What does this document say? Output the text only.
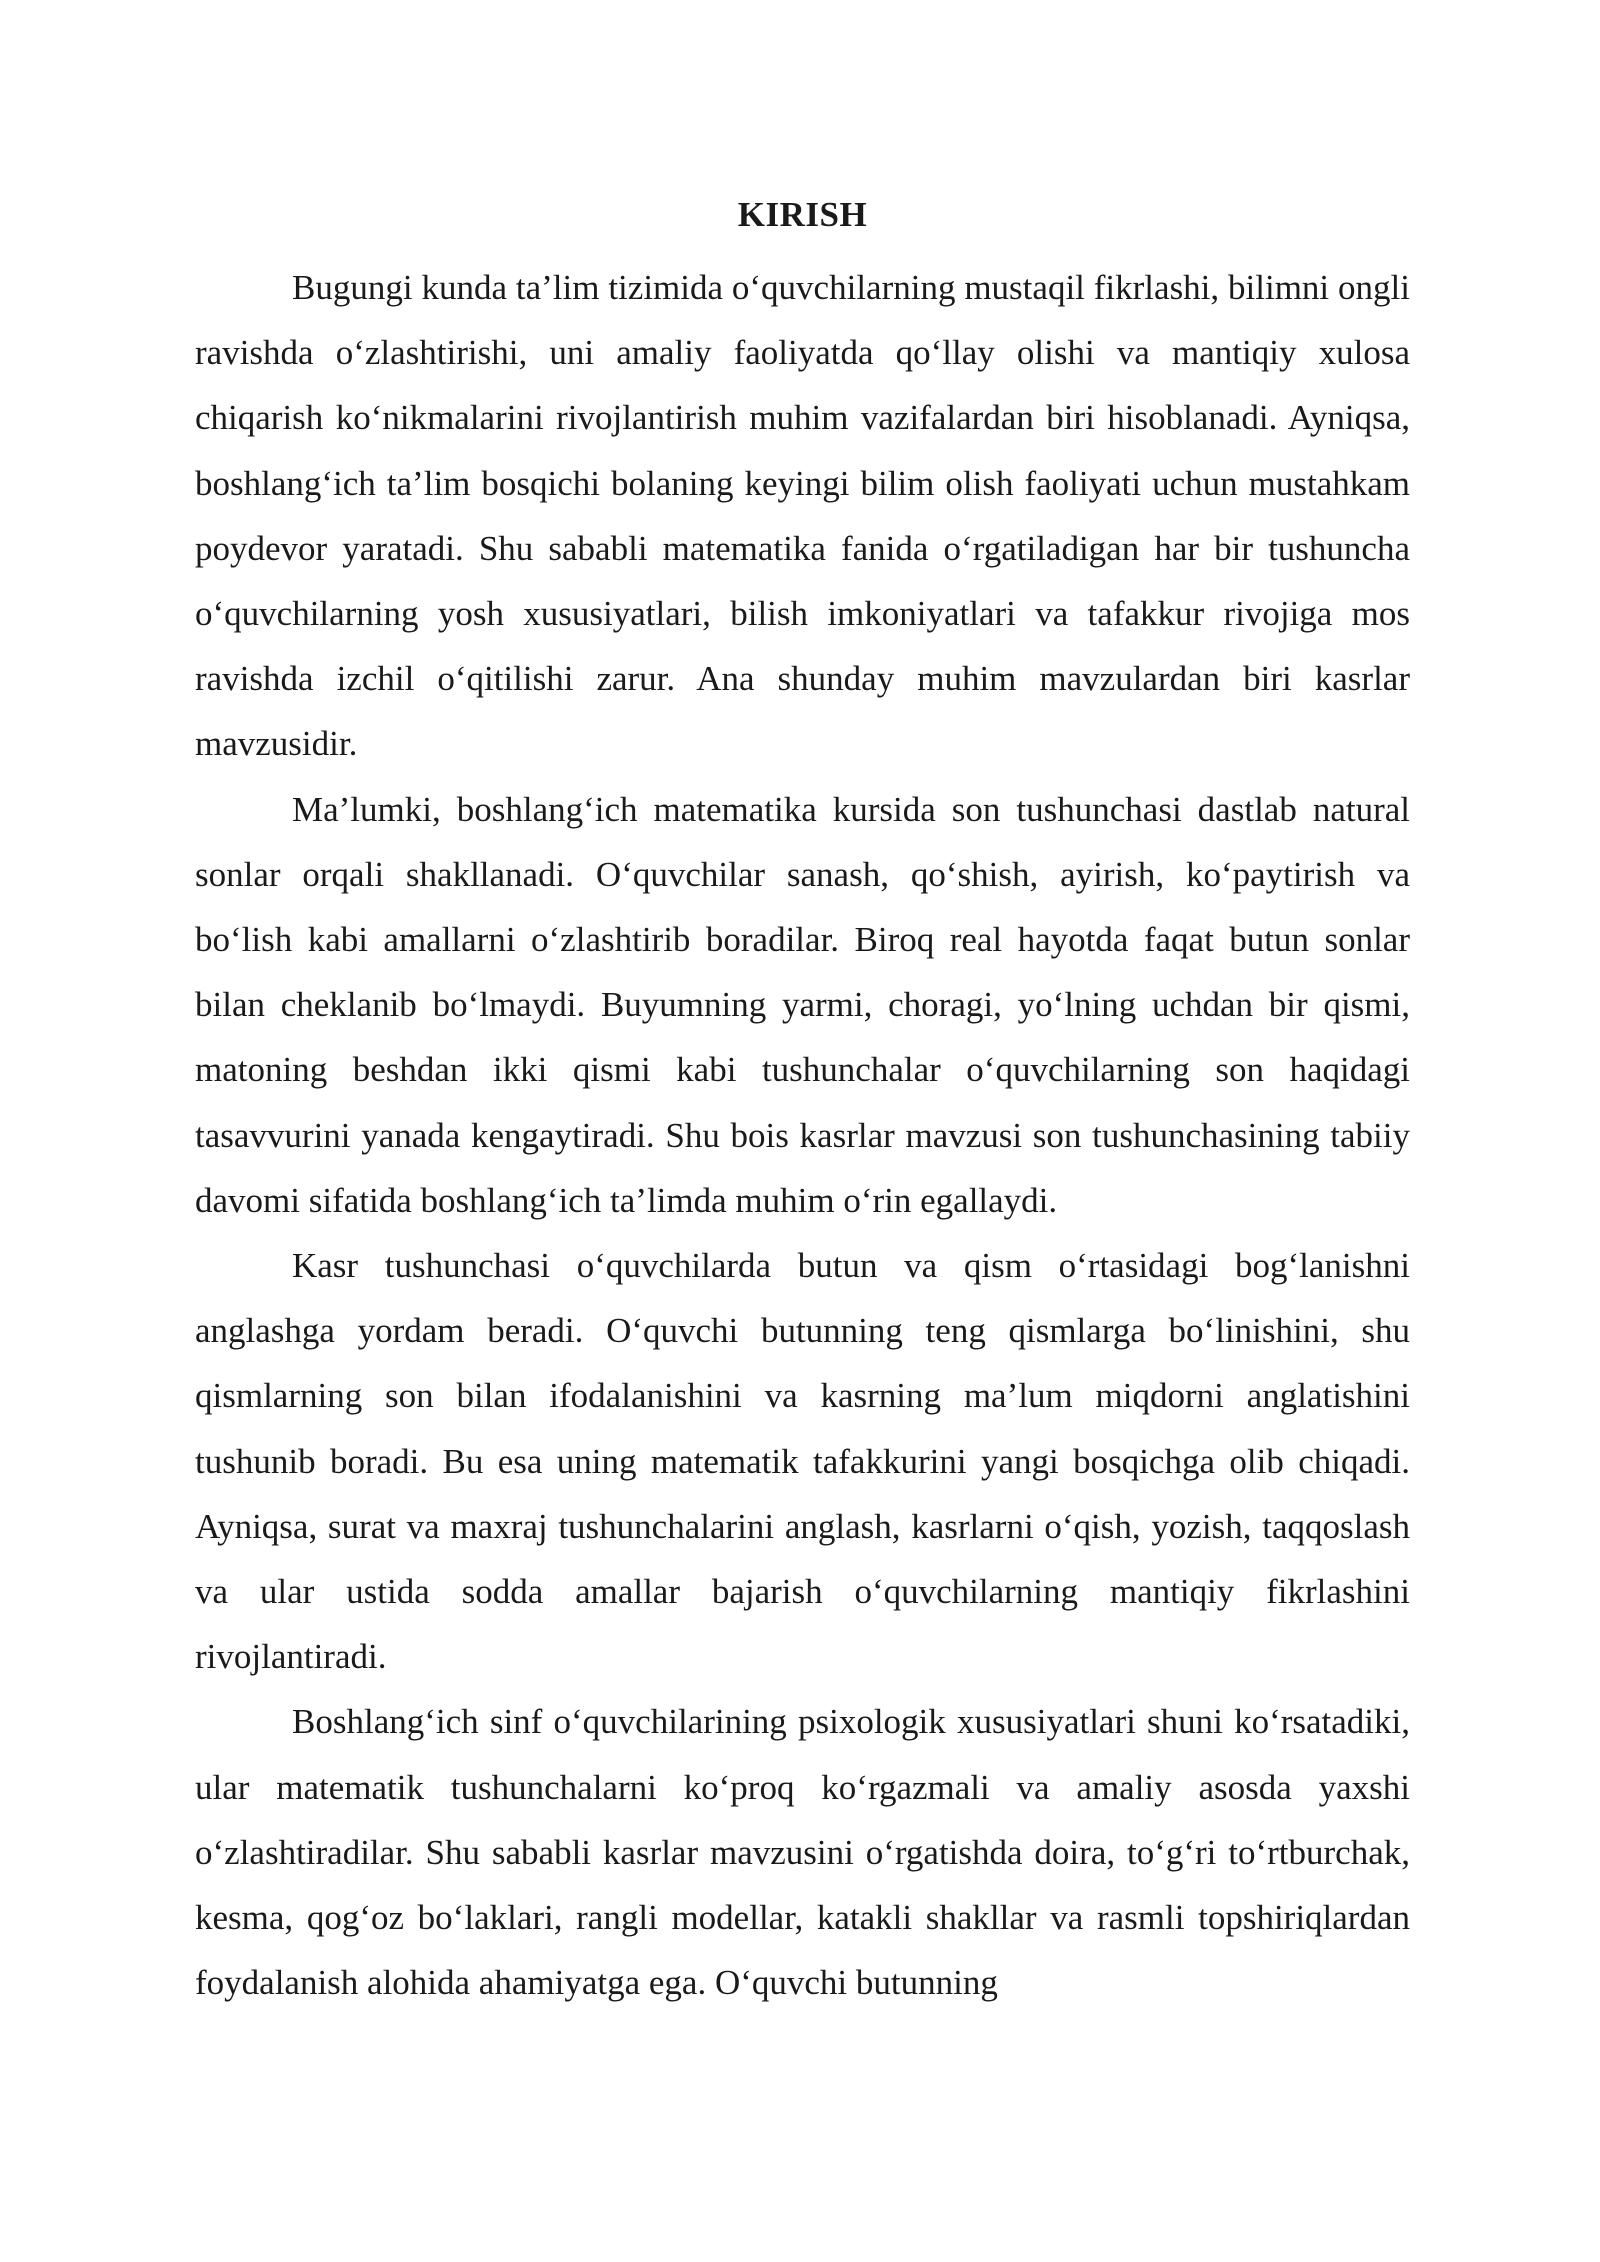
KIRISH

Bugungi kunda ta’lim tizimida o‘quvchilarning mustaqil fikrlashi, bilimni ongli ravishda o‘zlashtirishi, uni amaliy faoliyatda qo‘llay olishi va mantiqiy xulosa chiqarish ko‘nikmalarini rivojlantirish muhim vazifalardan biri hisoblanadi. Ayniqsa, boshlang‘ich ta’lim bosqichi bolaning keyingi bilim olish faoliyati uchun mustahkam poydevor yaratadi. Shu sababli matematika fanida o‘rgatiladigan har bir tushuncha o‘quvchilarning yosh xususiyatlari, bilish imkoniyatlari va tafakkur rivojiga mos ravishda izchil o‘qitilishi zarur. Ana shunday muhim mavzulardan biri kasrlar mavzusidir.

Ma’lumki, boshlang‘ich matematika kursida son tushunchasi dastlab natural sonlar orqali shakllanadi. O‘quvchilar sanash, qo‘shish, ayirish, ko‘paytirish va bo‘lish kabi amallarni o‘zlashtirib boradilar. Biroq real hayotda faqat butun sonlar bilan cheklanib bo‘lmaydi. Buyumning yarmi, choragi, yo‘lning uchdan bir qismi, matoning beshdan ikki qismi kabi tushunchalar o‘quvchilarning son haqidagi tasavvurini yanada kengaytiradi. Shu bois kasrlar mavzusi son tushunchasining tabiiy davomi sifatida boshlang‘ich ta’limda muhim o‘rin egallaydi.

Kasr tushunchasi o‘quvchilarda butun va qism o‘rtasidagi bog‘lanishni anglashga yordam beradi. O‘quvchi butunning teng qismlarga bo‘linishini, shu qismlarning son bilan ifodalanishini va kasrning ma’lum miqdorni anglatishini tushunib boradi. Bu esa uning matematik tafakkurini yangi bosqichga olib chiqadi. Ayniqsa, surat va maxraj tushunchalarini anglash, kasrlarni o‘qish, yozish, taqqoslash va ular ustida sodda amallar bajarish o‘quvchilarning mantiqiy fikrlashini rivojlantiradi.

Boshlang‘ich sinf o‘quvchilarining psixologik xususiyatlari shuni ko‘rsatadiki, ular matematik tushunchalarni ko‘proq ko‘rgazmali va amaliy asosda yaxshi o‘zlashtiradilar. Shu sababli kasrlar mavzusini o‘rgatishda doira, to‘g‘ri to‘rtburchak, kesma, qog‘oz bo‘laklari, rangli modellar, katakli shakllar va rasmli topshiriqlardan foydalanish alohida ahamiyatga ega. O‘quvchi butunning
